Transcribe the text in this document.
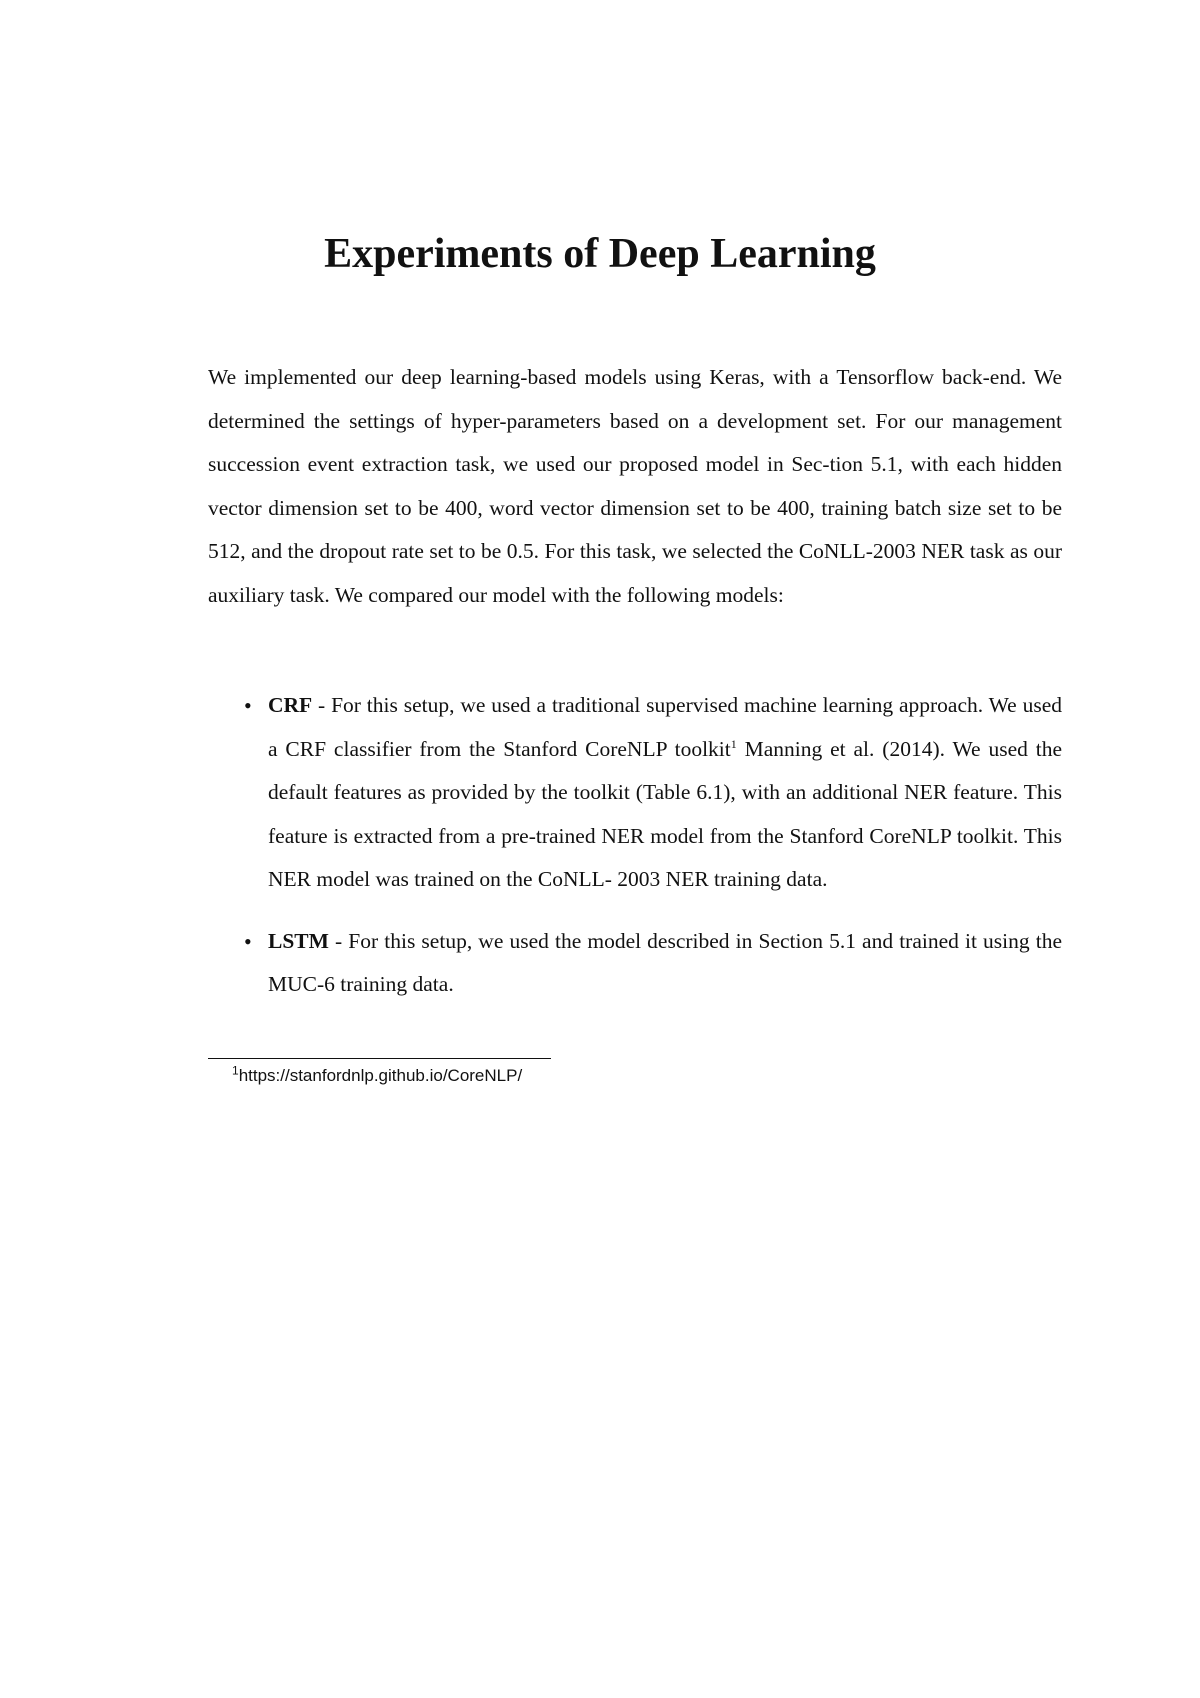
Experiments of Deep Learning

We implemented our deep learning-based models using Keras, with a Tensorflow back-end. We determined the settings of hyper-parameters based on a development set. For our management succession event extraction task, we used our proposed model in Sec-tion 5.1, with each hidden vector dimension set to be 400, word vector dimension set to be 400, training batch size set to be 512, and the dropout rate set to be 0.5. For this task, we selected the CoNLL-2003 NER task as our auxiliary task. We compared our model with the following models:

• CRF - For this setup, we used a traditional supervised machine learning approach. We used a CRF classifier from the Stanford CoreNLP toolkit$^1$ Manning et al. (2014). We used the default features as provided by the toolkit (Table 6.1), with an additional NER feature. This feature is extracted from a pre-trained NER model from the Stanford CoreNLP toolkit. This NER model was trained on the CoNLL- 2003 NER training data.
• LSTM - For this setup, we used the model described in Section 5.1 and trained it using the MUC-6 training data.

$^1$https://stanfordnlp.github.io/CoreNLP/
